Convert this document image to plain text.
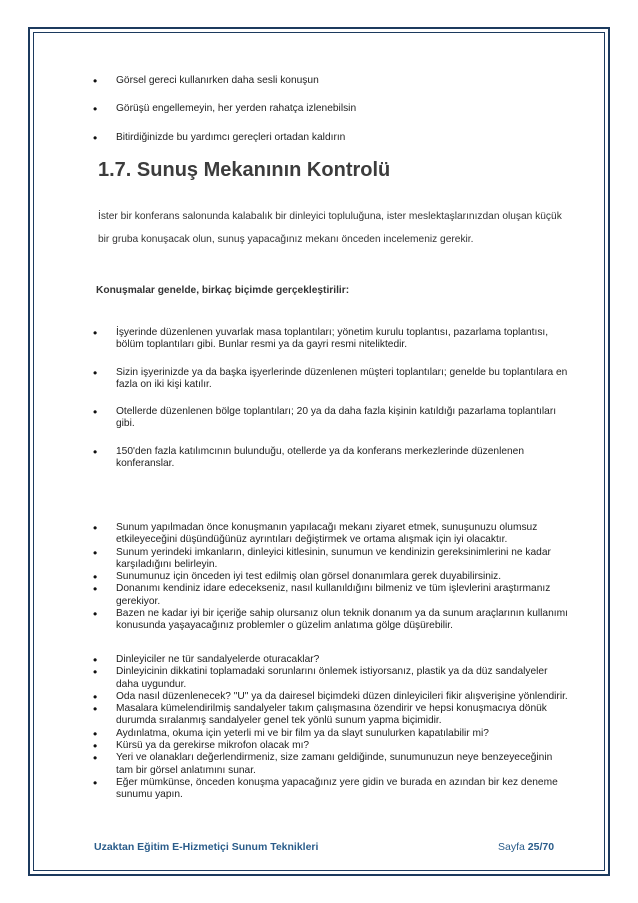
• Görsel gereci kullanırken daha sesli konuşun
• Görüşü engellemeyin, her yerden rahatça izlenebilsin
• Bitirdiğinizde bu yardımcı gereçleri ortadan kaldırın
1.7. Sunuş Mekanının Kontrolü

İster bir konferans salonunda kalabalık bir dinleyici topluluğuna, ister meslektaşlarınızdan oluşan küçük bir gruba konuşacak olun, sunuş yapacağınız mekanı önceden incelemeniz gerekir.

Konuşmalar genelde, birkaç biçimde gerçekleştirilir:

• İşyerinde düzenlenen yuvarlak masa toplantıları; yönetim kurulu toplantısı, pazarlama toplantısı, bölüm toplantıları gibi. Bunlar resmi ya da gayri resmi niteliktedir.
• Sizin işyerinizde ya da başka işyerlerinde düzenlenen müşteri toplantıları; genelde bu toplantılara en fazla on iki kişi katılır.
• Otellerde düzenlenen bölge toplantıları; 20 ya da daha fazla kişinin katıldığı pazarlama toplantıları gibi.
• 150'den fazla katılımcının bulunduğu, otellerde ya da konferans merkezlerinde düzenlenen konferanslar.
• Sunum yapılmadan önce konuşmanın yapılacağı mekanı ziyaret etmek, sunuşunuzu olumsuz etkileyeceğini düşündüğünüz ayrıntıları değiştirmek ve ortama alışmak için iyi olacaktır.
• Sunum yerindeki imkanların, dinleyici kitlesinin, sunumun ve kendinizin gereksinimlerini ne kadar karşıladığını belirleyin.
• Sunumunuz için önceden iyi test edilmiş olan görsel donanımlara gerek duyabilirsiniz.
• Donanımı kendiniz idare edecekseniz, nasıl kullanıldığını bilmeniz ve tüm işlevlerini araştırmanız gerekiyor.
• Bazen ne kadar iyi bir içeriğe sahip olursanız olun teknik donanım ya da sunum araçlarının kullanımı konusunda yaşayacağınız problemler o güzelim anlatıma gölge düşürebilir.
• Dinleyiciler ne tür sandalyelerde oturacaklar?
• Dinleyicinin dikkatini toplamadaki sorunlarını önlemek istiyorsanız, plastik ya da düz sandalyeler daha uygundur.
• Oda nasıl düzenlenecek? "U" ya da dairesel biçimdeki düzen dinleyicileri fikir alışverişine yönlendirir.
• Masalara kümelendirilmiş sandalyeler takım çalışmasına özendirir ve hepsi konuşmacıya dönük durumda sıralanmış sandalyeler genel tek yönlü sunum yapma biçimidir.
• Aydınlatma, okuma için yeterli mi ve bir film ya da slayt sunulurken kapatılabilir mi?
• Kürsü ya da gerekirse mikrofon olacak mı?
• Yeri ve olanakları değerlendirmeniz, size zamanı geldiğinde, sunumunuzun neye benzeyeceğinin tam bir görsel anlatımını sunar.
• Eğer mümkünse, önceden konuşma yapacağınız yere gidin ve burada en azından bir kez deneme sunumu yapın.
Uzaktan Eğitim E-Hizmetiçi Sunum Teknikleri	Sayfa 25/70
